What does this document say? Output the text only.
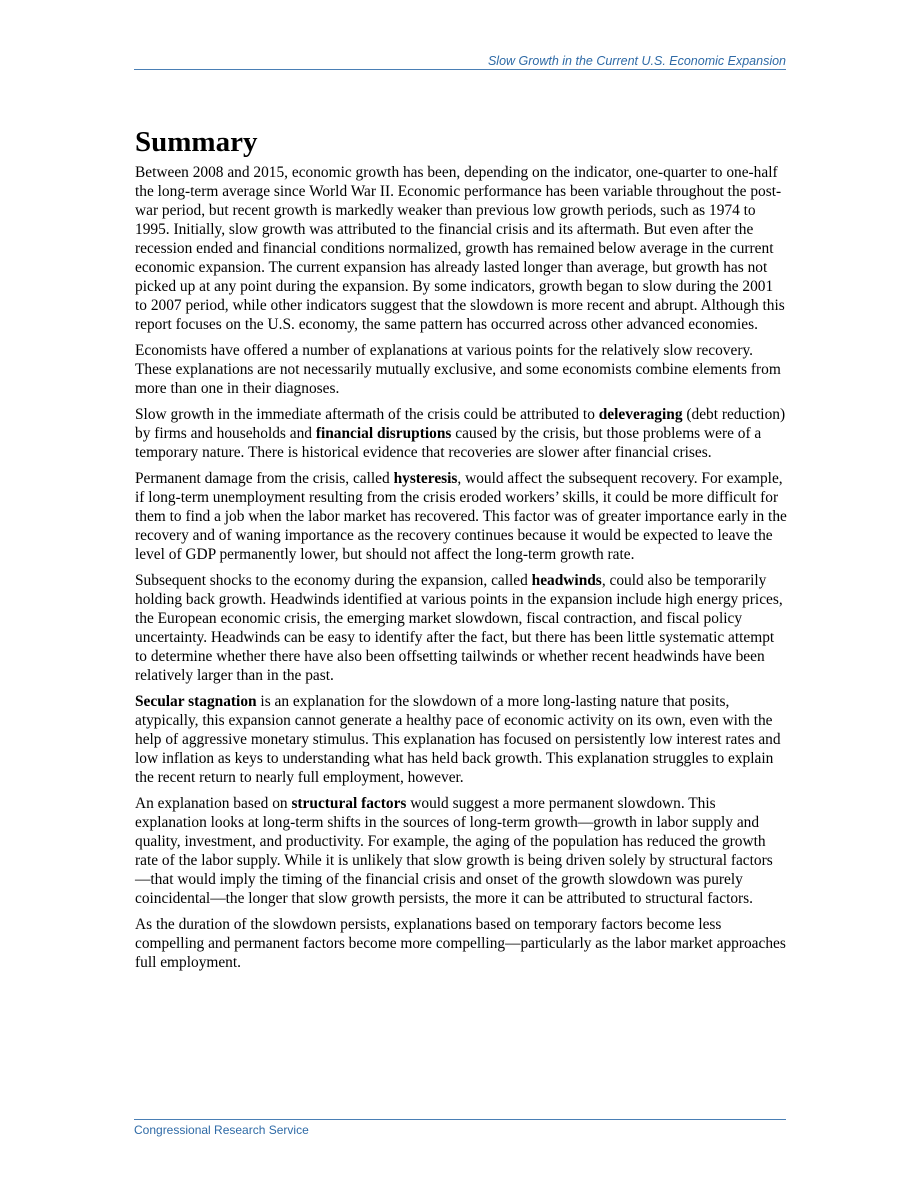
Slow Growth in the Current U.S. Economic Expansion
Summary

Between 2008 and 2015, economic growth has been, depending on the indicator, one-quarter to one-half the long-term average since World War II. Economic performance has been variable throughout the post-war period, but recent growth is markedly weaker than previous low growth periods, such as 1974 to 1995. Initially, slow growth was attributed to the financial crisis and its aftermath. But even after the recession ended and financial conditions normalized, growth has remained below average in the current economic expansion. The current expansion has already lasted longer than average, but growth has not picked up at any point during the expansion. By some indicators, growth began to slow during the 2001 to 2007 period, while other indicators suggest that the slowdown is more recent and abrupt. Although this report focuses on the U.S. economy, the same pattern has occurred across other advanced economies.

Economists have offered a number of explanations at various points for the relatively slow recovery. These explanations are not necessarily mutually exclusive, and some economists combine elements from more than one in their diagnoses.

Slow growth in the immediate aftermath of the crisis could be attributed to deleveraging (debt reduction) by firms and households and financial disruptions caused by the crisis, but those problems were of a temporary nature. There is historical evidence that recoveries are slower after financial crises.

Permanent damage from the crisis, called hysteresis, would affect the subsequent recovery. For example, if long-term unemployment resulting from the crisis eroded workers’ skills, it could be more difficult for them to find a job when the labor market has recovered. This factor was of greater importance early in the recovery and of waning importance as the recovery continues because it would be expected to leave the level of GDP permanently lower, but should not affect the long-term growth rate.

Subsequent shocks to the economy during the expansion, called headwinds, could also be temporarily holding back growth. Headwinds identified at various points in the expansion include high energy prices, the European economic crisis, the emerging market slowdown, fiscal contraction, and fiscal policy uncertainty. Headwinds can be easy to identify after the fact, but there has been little systematic attempt to determine whether there have also been offsetting tailwinds or whether recent headwinds have been relatively larger than in the past.

Secular stagnation is an explanation for the slowdown of a more long-lasting nature that posits, atypically, this expansion cannot generate a healthy pace of economic activity on its own, even with the help of aggressive monetary stimulus. This explanation has focused on persistently low interest rates and low inflation as keys to understanding what has held back growth. This explanation struggles to explain the recent return to nearly full employment, however.

An explanation based on structural factors would suggest a more permanent slowdown. This explanation looks at long-term shifts in the sources of long-term growth—growth in labor supply and quality, investment, and productivity. For example, the aging of the population has reduced the growth rate of the labor supply. While it is unlikely that slow growth is being driven solely by structural factors—that would imply the timing of the financial crisis and onset of the growth slowdown was purely coincidental—the longer that slow growth persists, the more it can be attributed to structural factors.

As the duration of the slowdown persists, explanations based on temporary factors become less compelling and permanent factors become more compelling—particularly as the labor market approaches full employment.

Congressional Research Service
